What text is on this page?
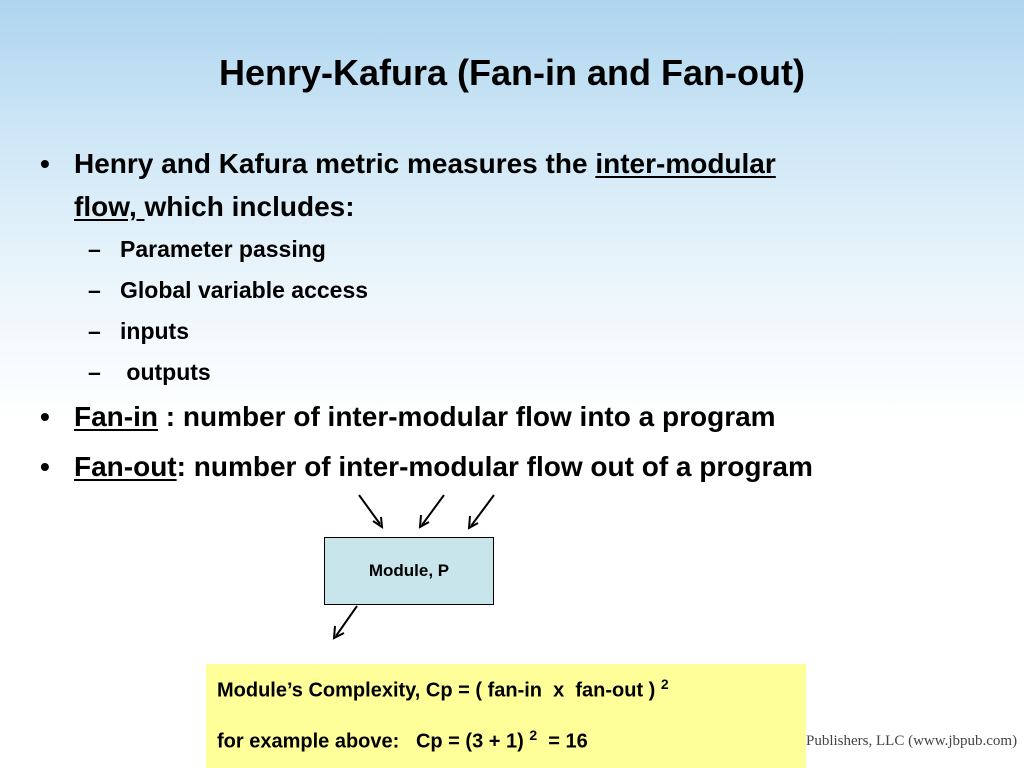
Henry-Kafura (Fan-in and Fan-out)
• Henry and Kafura metric measures the inter-modular
flow, which includes:
– Parameter passing
– Global variable access
– inputs
– outputs
• Fan-in : number of inter-modular flow into a program
• Fan-out: number of inter-modular flow out of a program
Module, P
Publishers, LLC (www.jbpub.com)
Module’s Complexity, Cp = ( fan-in  x  fan-out ) $^2$
for example above:   Cp = (3 + 1) $^2$  = 16
